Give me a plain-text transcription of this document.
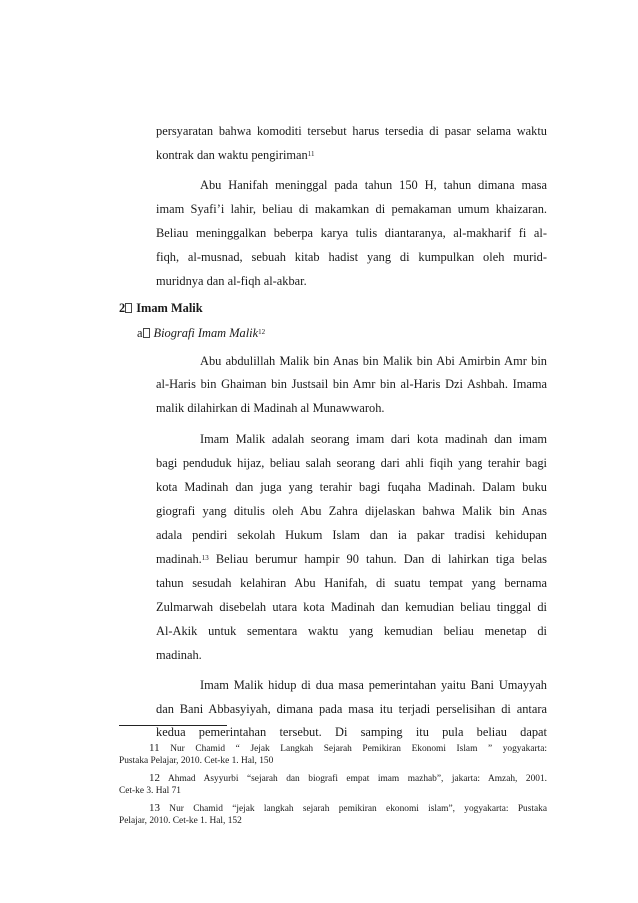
persyaratan bahwa komoditi tersebut harus tersedia di pasar selama waktu
kontrak dan waktu pengiriman$^{11}$
Abu Hanifah meninggal pada tahun 150 H, tahun dimana masa
imam Syafi’i lahir, beliau di makamkan di pemakaman umum khaizaran.
Beliau meninggalkan beberpa karya tulis diantaranya, al-makharif fi al-
fiqh, al-musnad, sebuah kitab hadist yang di kumpulkan oleh murid-
muridnya dan al-fiqh al-akbar.
2 Imam Malik
a Biografi Imam Malik$^{12}$
Abu abdulillah Malik bin Anas bin Malik bin Abi Amirbin Amr bin
al-Haris bin Ghaiman bin Justsail bin Amr bin al-Haris Dzi Ashbah. Imama
malik dilahirkan di Madinah al Munawwaroh.
Imam Malik adalah seorang imam dari kota madinah dan imam
bagi penduduk hijaz, beliau salah seorang dari ahli fiqih yang terahir bagi
kota Madinah dan juga yang terahir bagi fuqaha Madinah. Dalam buku
giografi yang ditulis oleh Abu Zahra dijelaskan bahwa Malik bin Anas
adala pendiri sekolah Hukum Islam dan ia pakar tradisi kehidupan
madinah.$^{13}$ Beliau berumur hampir 90 tahun. Dan di lahirkan tiga belas
tahun sesudah kelahiran Abu Hanifah, di suatu tempat yang bernama
Zulmarwah disebelah utara kota Madinah dan kemudian beliau tinggal di
Al-Akik untuk sementara waktu yang kemudian beliau menetap di
madinah.
Imam Malik hidup di dua masa pemerintahan yaitu Bani Umayyah
dan Bani Abbasyiyah, dimana pada masa itu terjadi perselisihan di antara
kedua pemerintahan tersebut. Di samping itu pula beliau dapat
11 Nur Chamid “ Jejak Langkah Sejarah Pemikiran Ekonomi Islam ” yogyakarta:
Pustaka Pelajar, 2010. Cet-ke 1. Hal, 150
12 Ahmad Asyyurbi “sejarah dan biografi empat imam mazhab”, jakarta: Amzah, 2001.
Cet-ke 3. Hal 71
13 Nur Chamid “jejak langkah sejarah pemikiran ekonomi islam”, yogyakarta: Pustaka
Pelajar, 2010. Cet-ke 1. Hal, 152
